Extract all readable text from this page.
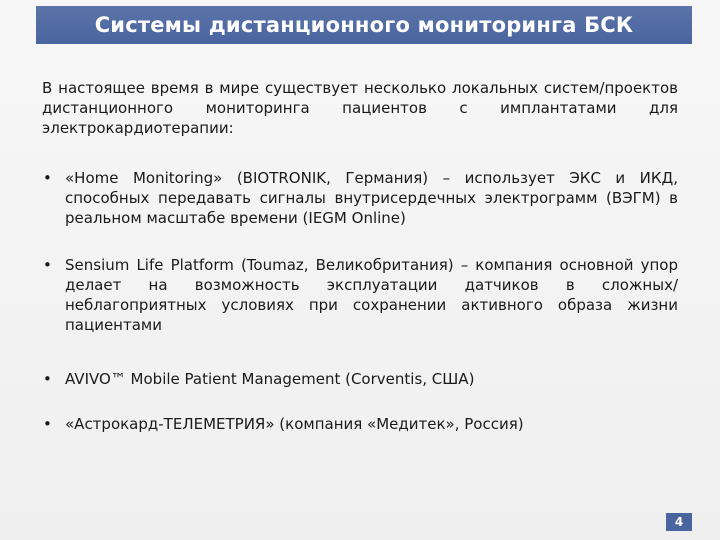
Системы дистанционного мониторинга БСК

В настоящее время в мире существует несколько локальных систем/проектов дистанционного мониторинга пациентов с имплантатами для электрокардиотерапии:

• «Home Monitoring» (BIOTRONIK, Германия) – использует ЭКС и ИКД, способных передавать сигналы внутрисердечных электрограмм (ВЭГМ) в реальном масштабе времени (IEGM Online)
• Sensium Life Platform (Toumaz, Великобритания) – компания основной упор делает на возможность эксплуатации датчиков в сложных/неблагоприятных условиях при сохранении активного образа жизни пациентами
• AVIVO™ Mobile Patient Management (Corventis, США)
• «Астрокард-ТЕЛЕМЕТРИЯ» (компания «Медитек», Россия)
4
